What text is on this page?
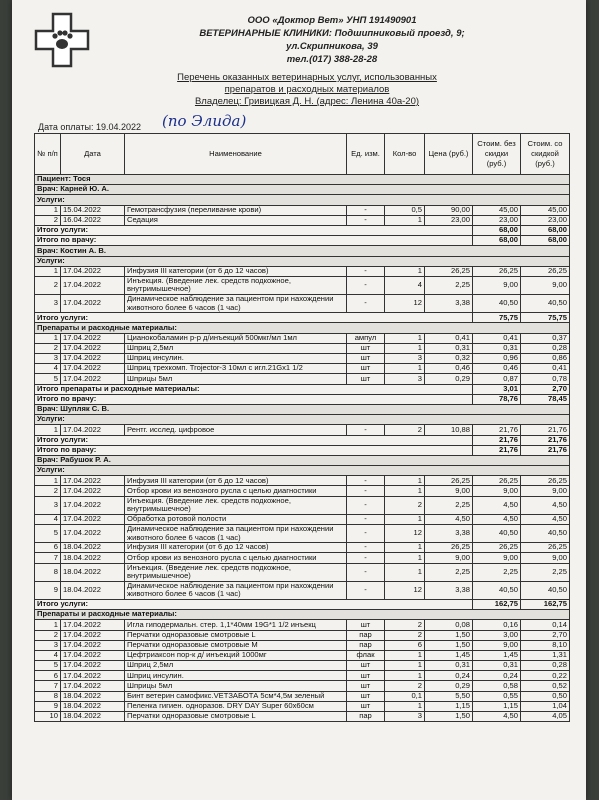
ООО «Доктор Вет» УНП 191490901
ВЕТЕРИНАРНЫЕ КЛИНИКИ: Подшипниковый проезд, 9;
ул.Скрипникова, 39
тел.(017) 388-28-28
Перечень оказанных ветеринарных услуг, использованных
препаратов и расходных материалов
Владелец: Гривицкая Д. Н. (адрес: Ленина 40а-20)
Дата оплаты: 19.04.2022 (по Элида)
№ п/п	Дата	Наименование	Ед. изм.	Кол-во	Цена (руб.)	Стоим. без скидки (руб.)	Стоим. со скидкой (руб.)
Пациент: Тося							
Врач: Карней Ю. А.							
Услуги:							
1	15.04.2022	Гемотрансфузия (переливание крови)	-	0,5	90,00	45,00	45,00
2	16.04.2022	Седация	-	1	23,00	23,00	23,00
Итого услуги:						68,00	68,00
Итого по врачу:						68,00	68,00
Врач: Костин А. В.							
Услуги:							
1	17.04.2022	Инфузия III категории (от 6 до 12 часов)	-	1	26,25	26,25	26,25
2	17.04.2022	Инъекция. (Введение лек. средств подкожное, внутримышечное)	-	4	2,25	9,00	9,00
3	17.04.2022	Динамическое наблюдение за пациентом при нахождении животного более 6 часов (1 час)	-	12	3,38	40,50	40,50
Итого услуги:						75,75	75,75
Препараты и расходные материалы:							
1	17.04.2022	Цианокобаламин р-р д/инъекций 500мкг/мл 1мл	ампул	1	0,41	0,41	0,37
2	17.04.2022	Шприц 2,5мл	шт	1	0,31	0,31	0,28
3	17.04.2022	Шприц инсулин.	шт	3	0,32	0,96	0,86
4	17.04.2022	Шприц трехкомп. Trojector-3 10мл с игл.21Gx1 1/2	шт	1	0,46	0,46	0,41
5	17.04.2022	Шприцы 5мл	шт	3	0,29	0,87	0,78
Итого препараты и расходные материалы:						3,01	2,70
Итого по врачу:						78,76	78,45
Врач: Шупляк С. В.							
Услуги:							
1	17.04.2022	Рентг. исслед. цифровое	-	2	10,88	21,76	21,76
Итого услуги:						21,76	21,76
Итого по врачу:						21,76	21,76
Врач: Рабушок Р. А.							
Услуги:							
1	17.04.2022	Инфузия III категории (от 6 до 12 часов)	-	1	26,25	26,25	26,25
2	17.04.2022	Отбор крови из венозного русла с целью диагностики	-	1	9,00	9,00	9,00
3	17.04.2022	Инъекция. (Введение лек. средств подкожное, внутримышечное)	-	2	2,25	4,50	4,50
4	17.04.2022	Обработка ротовой полости	-	1	4,50	4,50	4,50
5	17.04.2022	Динамическое наблюдение за пациентом при нахождении животного более 6 часов (1 час)	-	12	3,38	40,50	40,50
6	18.04.2022	Инфузия III категории (от 6 до 12 часов)	-	1	26,25	26,25	26,25
7	18.04.2022	Отбор крови из венозного русла с целью диагностики	-	1	9,00	9,00	9,00
8	18.04.2022	Инъекция. (Введение лек. средств подкожное, внутримышечное)	-	1	2,25	2,25	2,25
9	18.04.2022	Динамическое наблюдение за пациентом при нахождении животного более 6 часов (1 час)	-	12	3,38	40,50	40,50
Итого услуги:						162,75	162,75
Препараты и расходные материалы:							
1	17.04.2022	Игла гиподермальн. стер. 1,1*40мм 19G*1 1/2 инъекц	шт	2	0,08	0,16	0,14
2	17.04.2022	Перчатки одноразовые смотровые L	пар	2	1,50	3,00	2,70
3	17.04.2022	Перчатки одноразовые смотровые M	пар	6	1,50	9,00	8,10
4	17.04.2022	Цефтриаксон пор-к д/ инъекций 1000мг	флак	1	1,45	1,45	1,31
5	17.04.2022	Шприц 2,5мл	шт	1	0,31	0,31	0,28
6	17.04.2022	Шприц инсулин.	шт	1	0,24	0,24	0,22
7	17.04.2022	Шприцы 5мл	шт	2	0,29	0,58	0,52
8	18.04.2022	Бинт ветерин самофикс.VETЗАБОТА 5см*4,5м зеленый	шт	0,1	5,50	0,55	0,50
9	18.04.2022	Пеленка гигиен. одноразов. DRY DAY Super 60х60см	шт	1	1,15	1,15	1,04
10	18.04.2022	Перчатки одноразовые смотровые L	пар	3	1,50	4,50	4,05
